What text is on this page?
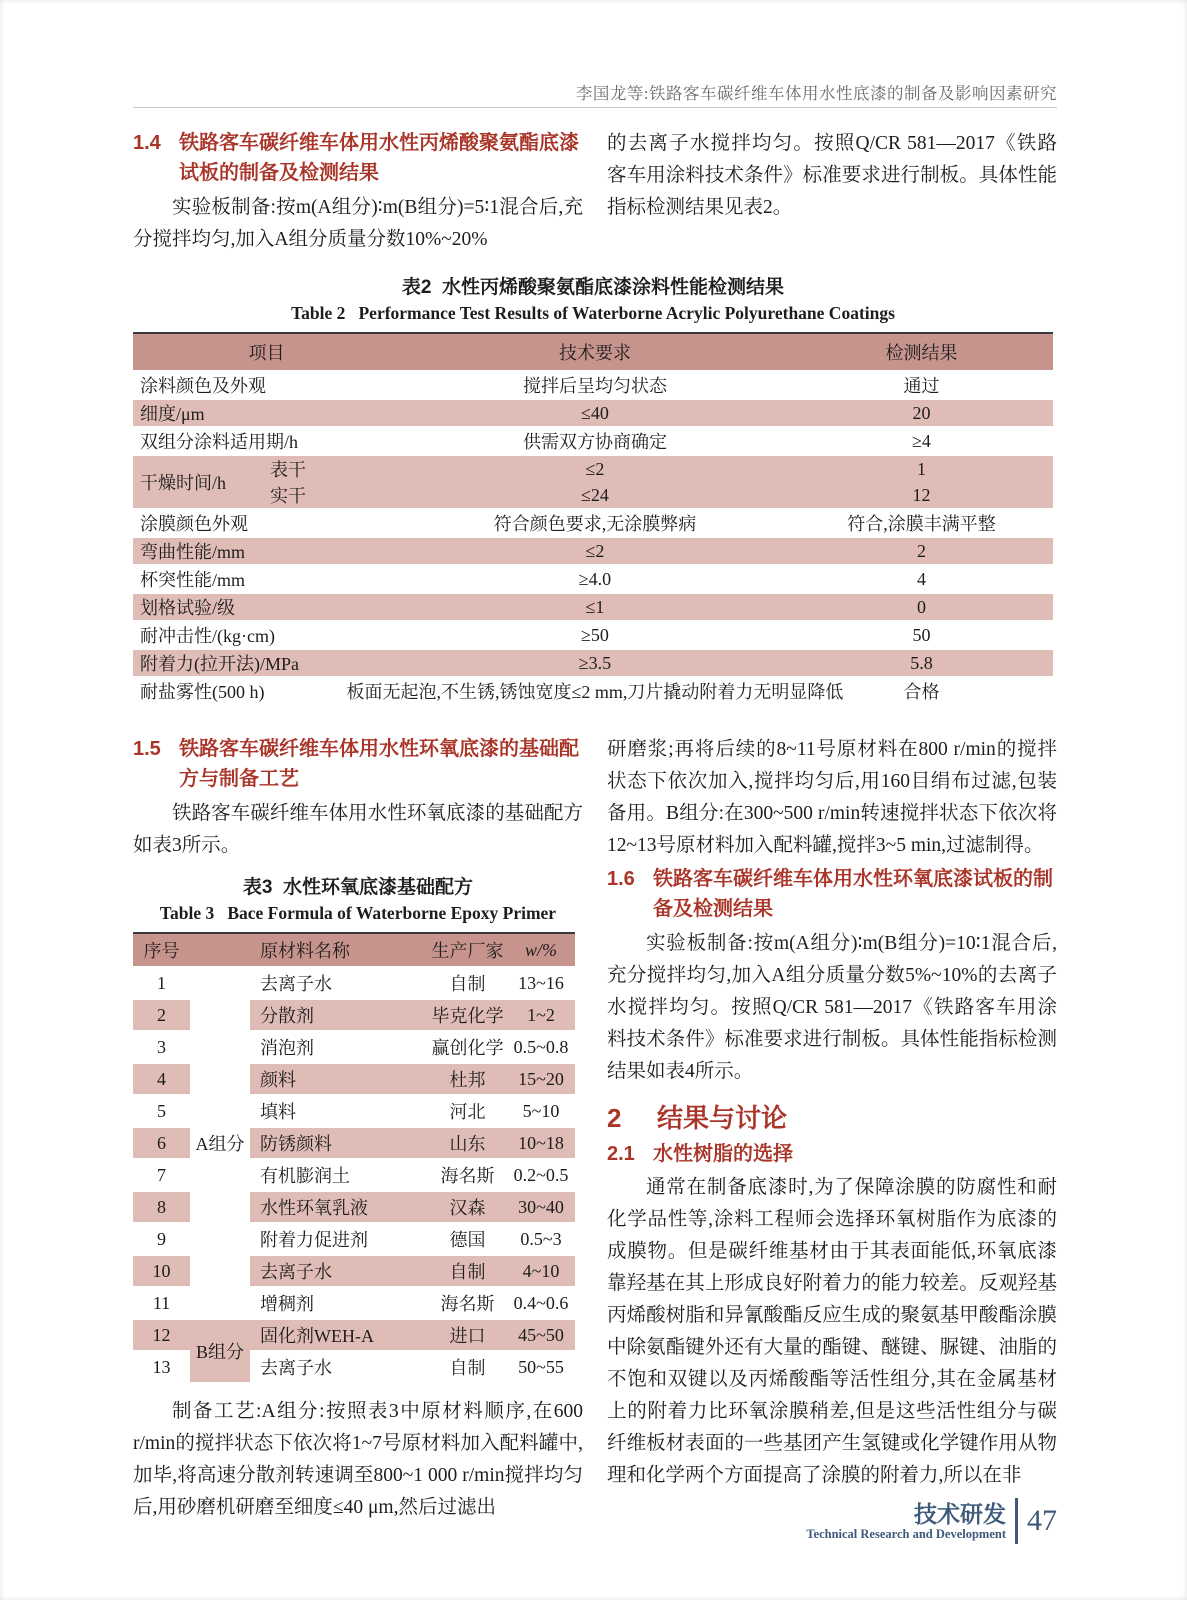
李国龙等:铁路客车碳纤维车体用水性底漆的制备及影响因素研究
1.4 铁路客车碳纤维车体用水性丙烯酸聚氨酯底漆试板的制备及检测结果

实验板制备:按m(A组分)∶m(B组分)=5∶1混合后,充分搅拌均匀,加入A组分质量分数10%~20%

的去离子水搅拌均匀。按照Q/CR 581—2017《铁路客车用涂料技术条件》标准要求进行制板。具体性能指标检测结果见表2。

表2  水性丙烯酸聚氨酯底漆涂料性能检测结果
Table 2   Performance Test Results of Waterborne Acrylic Polyurethane Coatings
项目		技术要求	检测结果
涂料颜色及外观		搅拌后呈均匀状态	通过
细度/μm		≤40	20
双组分涂料适用期/h		供需双方协商确定	≥4
干燥时间/h	表干	≤2	1
	实干	≤24	12
涂膜颜色外观		符合颜色要求,无涂膜弊病	符合,涂膜丰满平整
弯曲性能/mm		≤2	2
杯突性能/mm		≥4.0	4
划格试验/级		≤1	0
耐冲击性/(kg·cm)		≥50	50
附着力(拉开法)/MPa		≥3.5	5.8
耐盐雾性(500 h)		板面无起泡,不生锈,锈蚀宽度≤2 mm,刀片撬动附着力无明显降低	合格
1.5 铁路客车碳纤维车体用水性环氧底漆的基础配方与制备工艺

铁路客车碳纤维车体用水性环氧底漆的基础配方如表3所示。

表3  水性环氧底漆基础配方
Table 3   Bace Formula of Waterborne Epoxy Primer
序号		原材料名称	生产厂家	w/%
1	A组分	去离子水	自制	13~16
2		分散剂	毕克化学	1~2
3		消泡剂	赢创化学	0.5~0.8
4		颜料	杜邦	15~20
5		填料	河北	5~10
6		防锈颜料	山东	10~18
7		有机膨润土	海名斯	0.2~0.5
8		水性环氧乳液	汉森	30~40
9		附着力促进剂	德国	0.5~3
10		去离子水	自制	4~10
11		增稠剂	海名斯	0.4~0.6
12	B组分	固化剂WEH-A	进口	45~50
13		去离子水	自制	50~55

制备工艺:A组分:按照表3中原材料顺序,在600 r/min的搅拌状态下依次将1~7号原材料加入配料罐中,加毕,将高速分散剂转速调至800~1 000 r/min搅拌均匀后,用砂磨机研磨至细度≤40 μm,然后过滤出

研磨浆;再将后续的8~11号原材料在800 r/min的搅拌状态下依次加入,搅拌均匀后,用160目绢布过滤,包装备用。B组分:在300~500 r/min转速搅拌状态下依次将12~13号原材料加入配料罐,搅拌3~5 min,过滤制得。

1.6 铁路客车碳纤维车体用水性环氧底漆试板的制备及检测结果

实验板制备:按m(A组分)∶m(B组分)=10∶1混合后,充分搅拌均匀,加入A组分质量分数5%~10%的去离子水搅拌均匀。按照Q/CR 581—2017《铁路客车用涂料技术条件》标准要求进行制板。具体性能指标检测结果如表4所示。

2	结果与讨论
2.1 水性树脂的选择

通常在制备底漆时,为了保障涂膜的防腐性和耐化学品性等,涂料工程师会选择环氧树脂作为底漆的成膜物。但是碳纤维基材由于其表面能低,环氧底漆靠羟基在其上形成良好附着力的能力较差。反观羟基丙烯酸树脂和异氰酸酯反应生成的聚氨基甲酸酯涂膜中除氨酯键外还有大量的酯键、醚键、脲键、油脂的不饱和双键以及丙烯酸酯等活性组分,其在金属基材上的附着力比环氧涂膜稍差,但是这些活性组分与碳纤维板材表面的一些基团产生氢键或化学键作用从物理和化学两个方面提高了涂膜的附着力,所以在非

技术研发
Technical Research and Development 47
